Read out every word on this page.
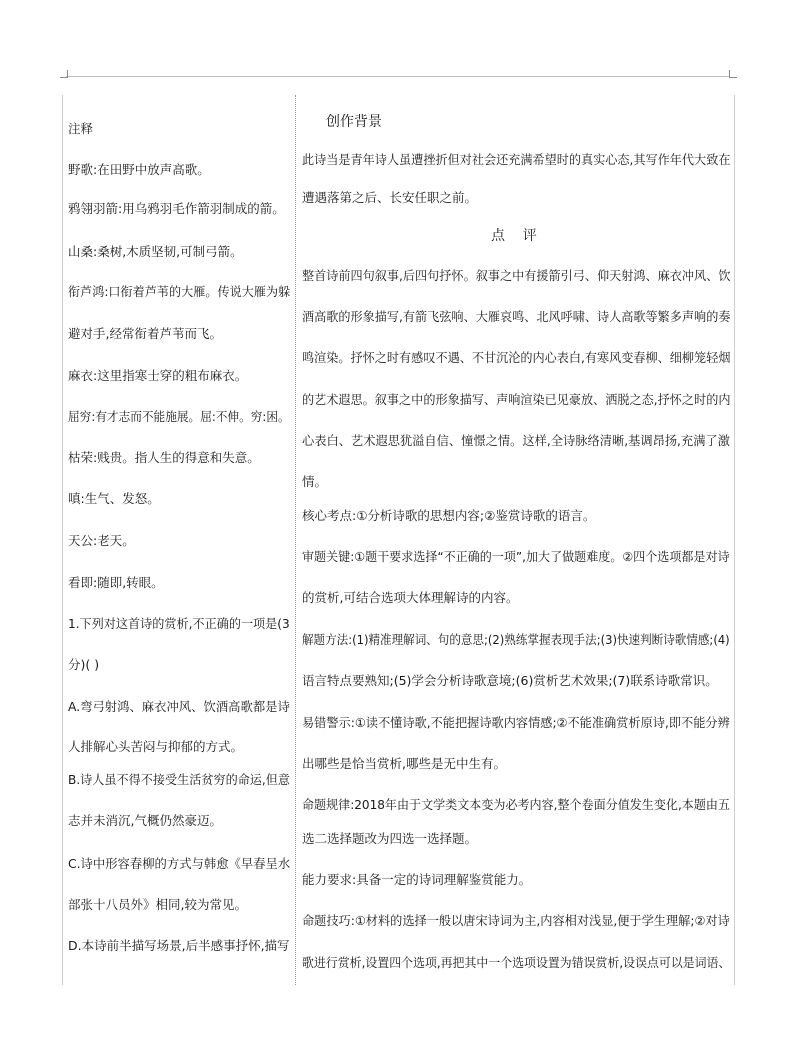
注释
野歌:在田野中放声高歌。
鸦翎羽箭:用乌鸦羽毛作箭羽制成的箭。
山桑:桑树,木质坚韧,可制弓箭。
衔芦鸿:口衔着芦苇的大雁。传说大雁为躲
避对手,经常衔着芦苇而飞。
麻衣:这里指寒士穿的粗布麻衣。
屈穷:有才志而不能施展。屈:不伸。穷:困。
枯荣:贱贵。指人生的得意和失意。
嗔:生气、发怒。
天公:老天。
看即:随即,转眼。
1.下列对这首诗的赏析,不正确的一项是(3
分)( )
A.弯弓射鸿、麻衣冲风、饮酒高歌都是诗
人排解心头苦闷与抑郁的方式。
B.诗人虽不得不接受生活贫穷的命运,但意
志并未消沉,气概仍然豪迈。
C.诗中形容春柳的方式与韩愈《早春呈水
部张十八员外》相同,较为常见。
D.本诗前半描写场景,后半感事抒怀,描写
创作背景
此诗当是青年诗人虽遭挫折但对社会还充满希望时的真实心态,其写作年代大致在
遭遇落第之后、长安任职之前。
点    评
整首诗前四句叙事,后四句抒怀。叙事之中有援箭引弓、仰天射鸿、麻衣冲风、饮
酒高歌的形象描写,有箭飞弦响、大雁哀鸣、北风呼啸、诗人高歌等繁多声响的奏
鸣渲染。抒怀之时有感叹不遇、不甘沉沦的内心表白,有寒风变春柳、细柳笼轻烟
的艺术遐思。叙事之中的形象描写、声响渲染已见豪放、洒脱之态,抒怀之时的内
心表白、艺术遐思犹溢自信、憧憬之情。这样,全诗脉络清晰,基调昂扬,充满了激
情。
核心考点:①分析诗歌的思想内容;②鉴赏诗歌的语言。
审题关键:①题干要求选择“不正确的一项”,加大了做题难度。②四个选项都是对诗
的赏析,可结合选项大体理解诗的内容。
解题方法:(1)精准理解词、句的意思;(2)熟练掌握表现手法;(3)快速判断诗歌情感;(4)
语言特点要熟知;(5)学会分析诗歌意境;(6)赏析艺术效果;(7)联系诗歌常识。
易错警示:①读不懂诗歌,不能把握诗歌内容情感;②不能准确赏析原诗,即不能分辨
出哪些是恰当赏析,哪些是无中生有。
命题规律:2018年由于文学类文本变为必考内容,整个卷面分值发生变化,本题由五
选二选择题改为四选一选择题。
能力要求:具备一定的诗词理解鉴赏能力。
命题技巧:①材料的选择一般以唐宋诗词为主,内容相对浅显,便于学生理解;②对诗
歌进行赏析,设置四个选项,再把其中一个选项设置为错误赏析,设误点可以是词语、
